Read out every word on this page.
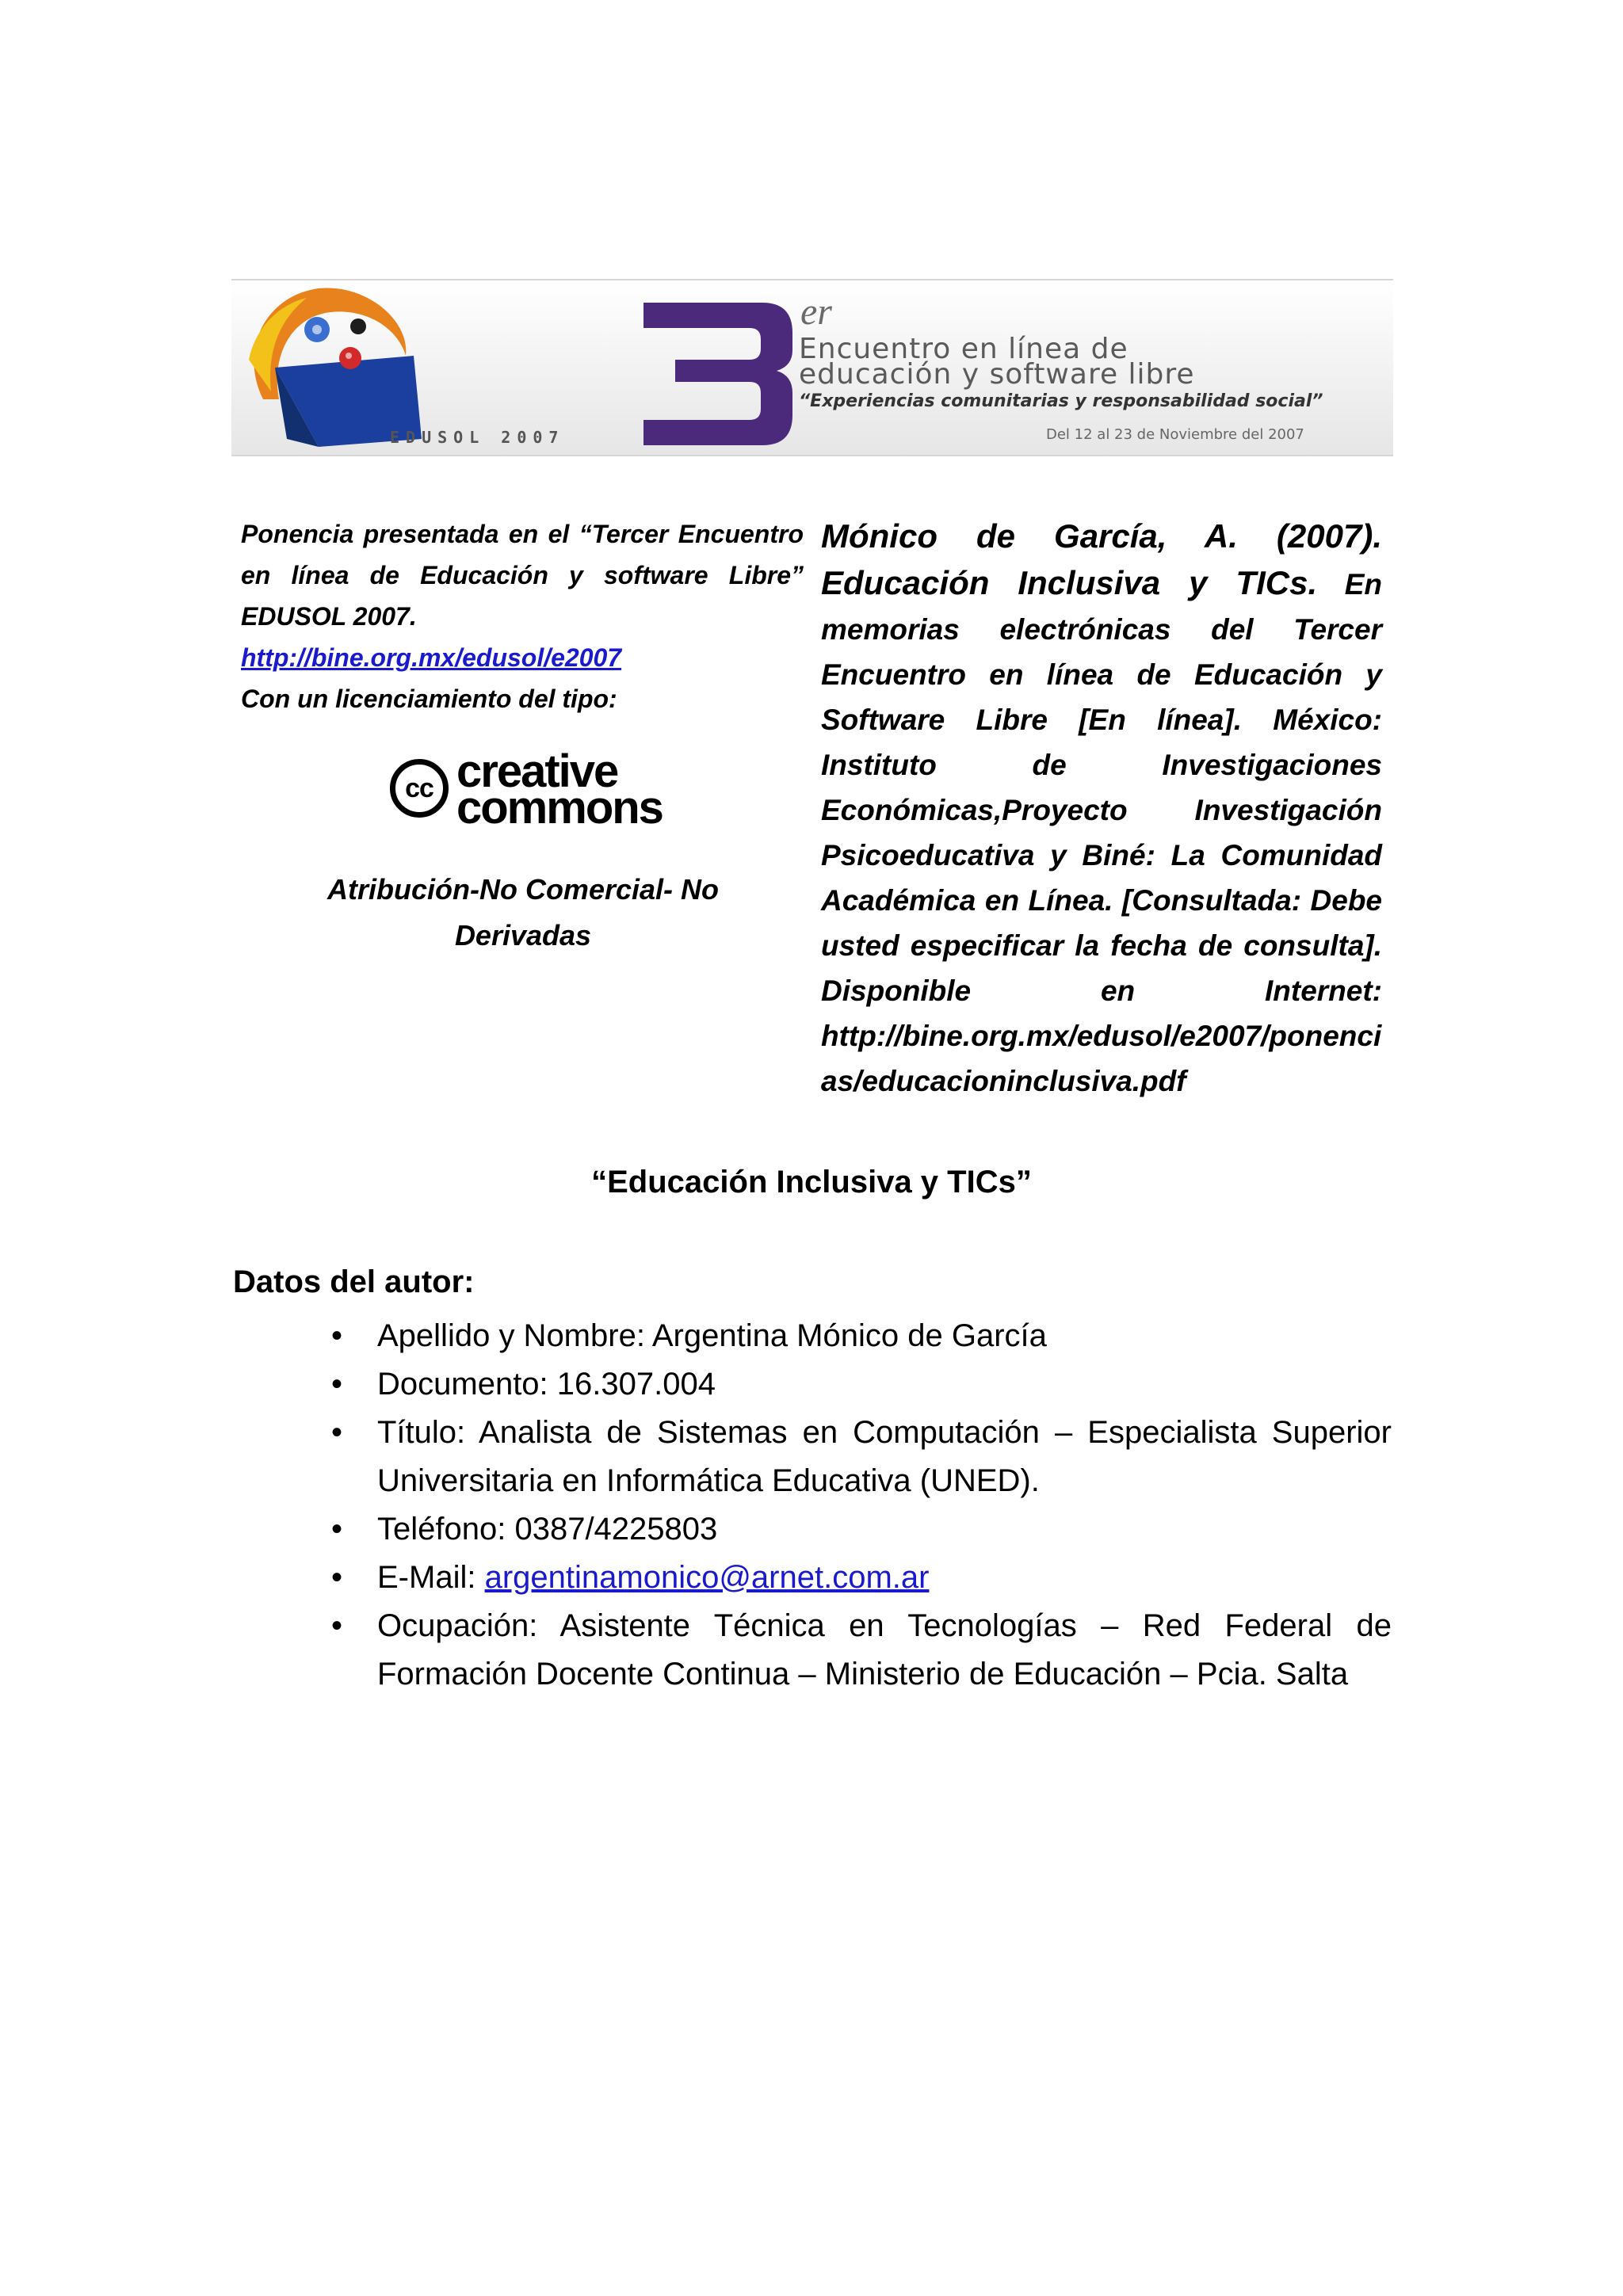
EDUSOL 2007
er
Encuentro en línea de
educación y software libre
“Experiencias comunitarias y responsabilidad social”
Del 12 al 23 de Noviembre del 2007
Ponencia presentada en el “Tercer Encuentro en línea de Educación y software Libre” EDUSOL 2007.
http://bine.org.mx/edusol/e2007
Con un licenciamiento del tipo:
cc creative
commons
Atribución-No Comercial- No Derivadas
Mónico de García, A. (2007). Educación Inclusiva y TICs. En memorias electrónicas del Tercer Encuentro en línea de Educación y Software Libre [En línea]. México: Instituto de Investigaciones Económicas,Proyecto Investigación Psicoeducativa y Biné: La Comunidad Académica en Línea. [Consultada: Debe usted especificar la fecha de consulta]. Disponible en Internet: http://bine.org.mx/edusol/e2007/ponencias/educacioninclusiva.pdf
“Educación Inclusiva y TICs”
Datos del autor:
• Apellido y Nombre: Argentina Mónico de García
• Documento: 16.307.004
• Título: Analista de Sistemas en Computación – Especialista Superior Universitaria en Informática Educativa (UNED).
• Teléfono: 0387/4225803
• E-Mail: argentinamonico@arnet.com.ar
• Ocupación: Asistente Técnica en Tecnologías – Red Federal de Formación Docente Continua – Ministerio de Educación – Pcia. Salta
